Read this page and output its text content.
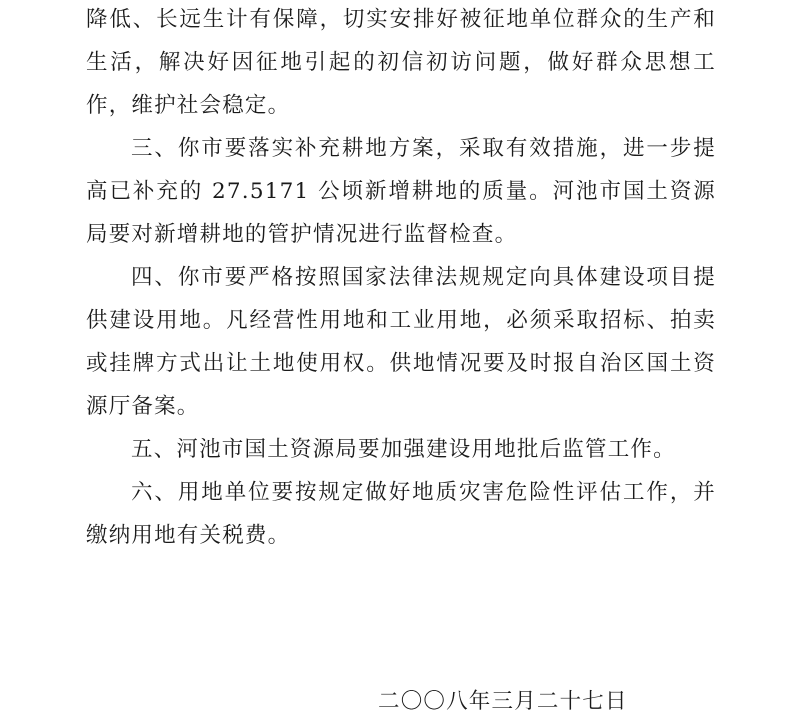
降低、长远生计有保障，切实安排好被征地单位群众的生产和生活，解决好因征地引起的初信初访问题，做好群众思想工作，维护社会稳定。

三、你市要落实补充耕地方案，采取有效措施，进一步提高已补充的 27.5171 公顷新增耕地的质量。河池市国土资源局要对新增耕地的管护情况进行监督检查。

四、你市要严格按照国家法律法规规定向具体建设项目提供建设用地。凡经营性用地和工业用地，必须采取招标、拍卖或挂牌方式出让土地使用权。供地情况要及时报自治区国土资源厅备案。

五、河池市国土资源局要加强建设用地批后监管工作。

六、用地单位要按规定做好地质灾害危险性评估工作，并缴纳用地有关税费。

二〇〇八年三月二十七日
